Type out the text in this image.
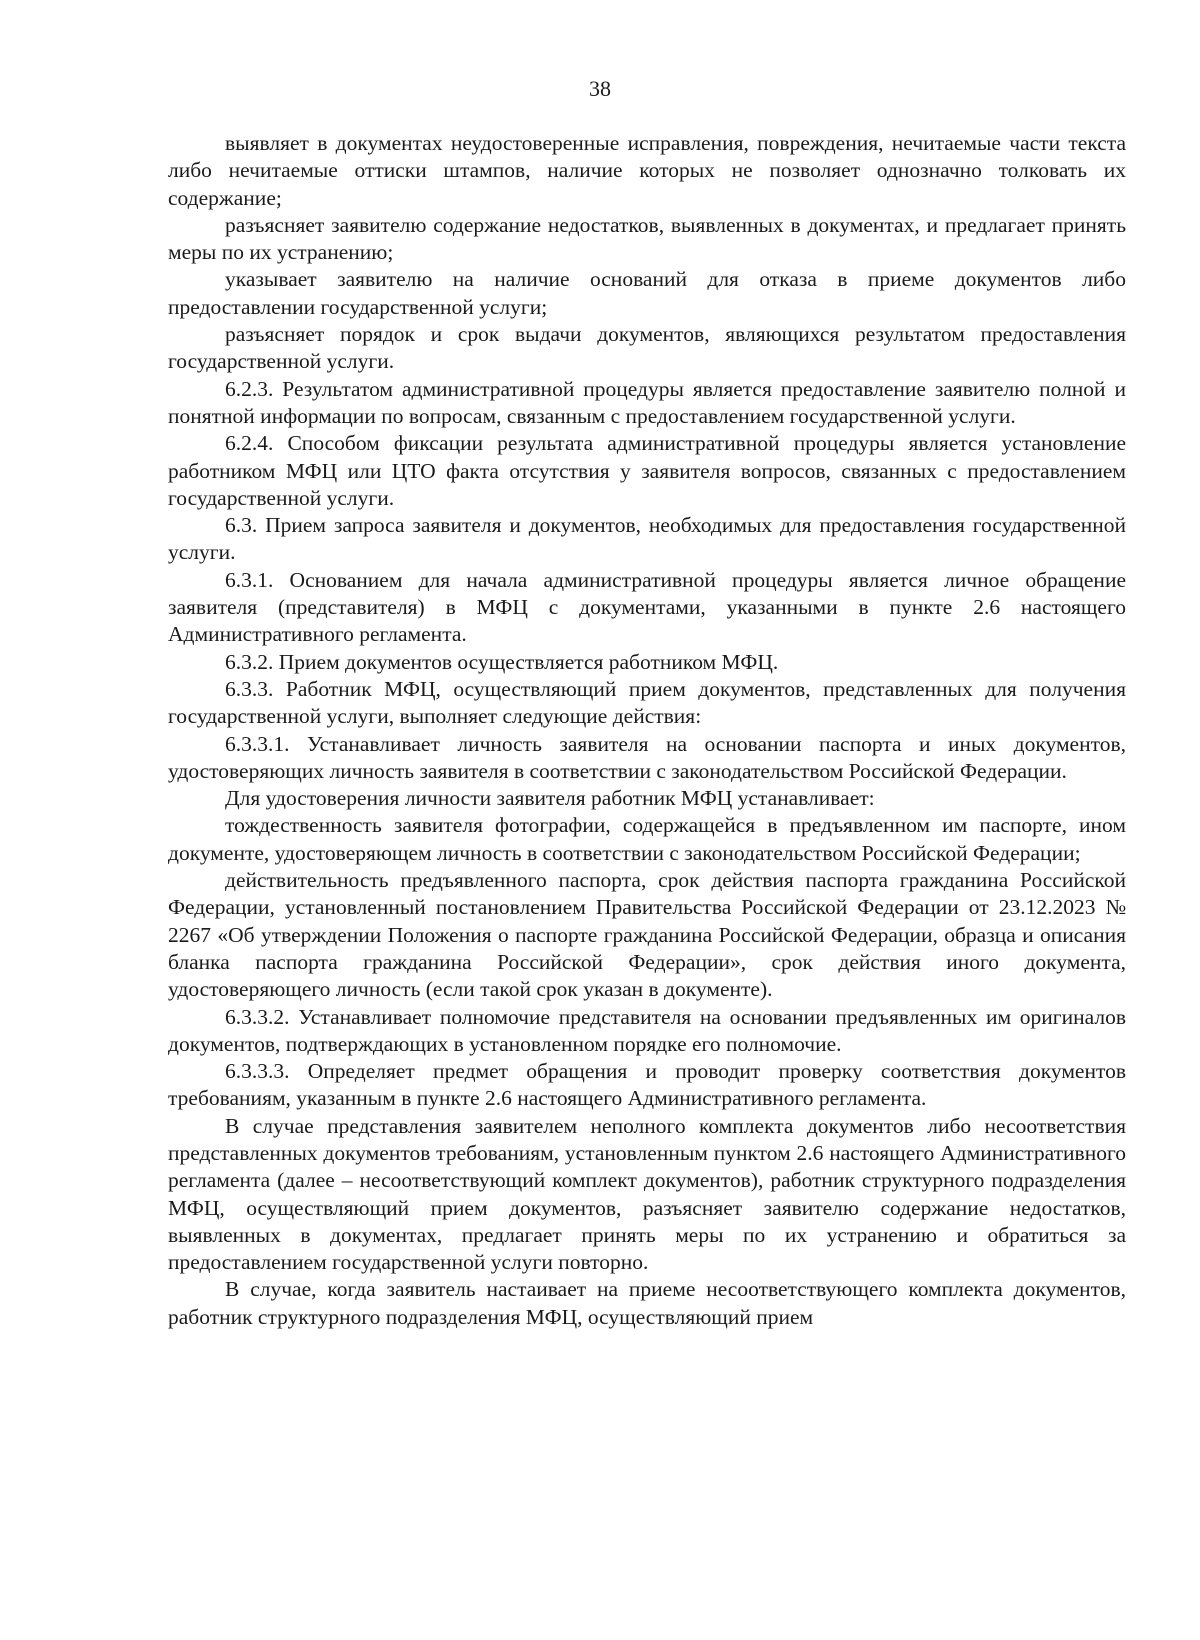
38

выявляет в документах неудостоверенные исправления, повреждения, нечитаемые части текста либо нечитаемые оттиски штампов, наличие которых не позволяет однозначно толковать их содержание;

разъясняет заявителю содержание недостатков, выявленных в документах, и предлагает принять меры по их устранению;

указывает заявителю на наличие оснований для отказа в приеме документов либо предоставлении государственной услуги;

разъясняет порядок и срок выдачи документов, являющихся результатом предоставления государственной услуги.

6.2.3. Результатом административной процедуры является предоставление заявителю полной и понятной информации по вопросам, связанным с предоставлением государственной услуги.

6.2.4. Способом фиксации результата административной процедуры является установление работником МФЦ или ЦТО факта отсутствия у заявителя вопросов, связанных с предоставлением государственной услуги.

6.3. Прием запроса заявителя и документов, необходимых для предоставления государственной услуги.

6.3.1. Основанием для начала административной процедуры является личное обращение заявителя (представителя) в МФЦ с документами, указанными в пункте 2.6 настоящего Административного регламента.

6.3.2. Прием документов осуществляется работником МФЦ.

6.3.3. Работник МФЦ, осуществляющий прием документов, представленных для получения государственной услуги, выполняет следующие действия:

6.3.3.1. Устанавливает личность заявителя на основании паспорта и иных документов, удостоверяющих личность заявителя в соответствии с законодательством Российской Федерации.

Для удостоверения личности заявителя работник МФЦ устанавливает:

тождественность заявителя фотографии, содержащейся в предъявленном им паспорте, ином документе, удостоверяющем личность в соответствии с законодательством Российской Федерации;

действительность предъявленного паспорта, срок действия паспорта гражданина Российской Федерации, установленный постановлением Правительства Российской Федерации от 23.12.2023 № 2267 «Об утверждении Положения о паспорте гражданина Российской Федерации, образца и описания бланка паспорта гражданина Российской Федерации», срок действия иного документа, удостоверяющего личность (если такой срок указан в документе).

6.3.3.2. Устанавливает полномочие представителя на основании предъявленных им оригиналов документов, подтверждающих в установленном порядке его полномочие.

6.3.3.3. Определяет предмет обращения и проводит проверку соответствия документов требованиям, указанным в пункте 2.6 настоящего Административного регламента.

В случае представления заявителем неполного комплекта документов либо несоответствия представленных документов требованиям, установленным пунктом 2.6 настоящего Административного регламента (далее – несоответствующий комплект документов), работник структурного подразделения МФЦ, осуществляющий прием документов, разъясняет заявителю содержание недостатков, выявленных в документах, предлагает принять меры по их устранению и обратиться за предоставлением государственной услуги повторно.

В случае, когда заявитель настаивает на приеме несоответствующего комплекта документов, работник структурного подразделения МФЦ, осуществляющий прием
